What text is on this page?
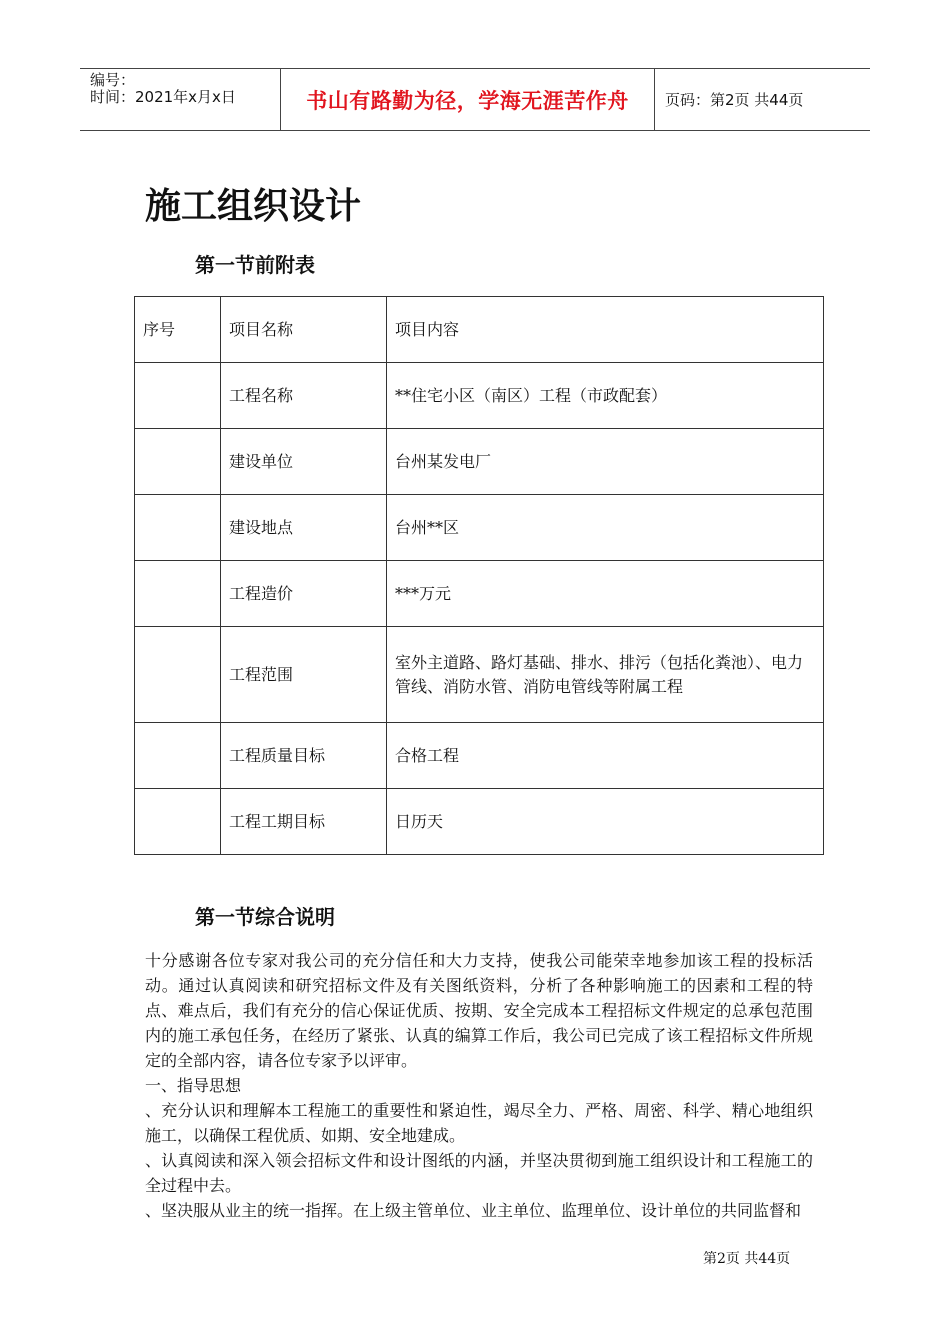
编号：
时间：2021年x月x日	书山有路勤为径，学海无涯苦作舟 页码：第2页 共44页
施工组织设计
第一节前附表
序号	项目名称	项目内容
	工程名称	**住宅小区（南区）工程（市政配套）
	建设单位	台州某发电厂
	建设地点	台州**区
	工程造价	***万元
	工程范围	室外主道路、路灯基础、排水、排污（包括化粪池）、电力管线、消防水管、消防电管线等附属工程
	工程质量目标	合格工程
	工程工期目标	日历天
第一节综合说明

十分感谢各位专家对我公司的充分信任和大力支持，使我公司能荣幸地参加该工程的投标活动。通过认真阅读和研究招标文件及有关图纸资料，分析了各种影响施工的因素和工程的特点、难点后，我们有充分的信心保证优质、按期、安全完成本工程招标文件规定的总承包范围内的施工承包任务，在经历了紧张、认真的编算工作后，我公司已完成了该工程招标文件所规定的全部内容，请各位专家予以评审。

一、指导思想

、充分认识和理解本工程施工的重要性和紧迫性，竭尽全力、严格、周密、科学、精心地组织施工，以确保工程优质、如期、安全地建成。

、认真阅读和深入领会招标文件和设计图纸的内涵，并坚决贯彻到施工组织设计和工程施工的全过程中去。

、坚决服从业主的统一指挥。在上级主管单位、业主单位、监理单位、设计单位的共同监督和

第2页 共44页
